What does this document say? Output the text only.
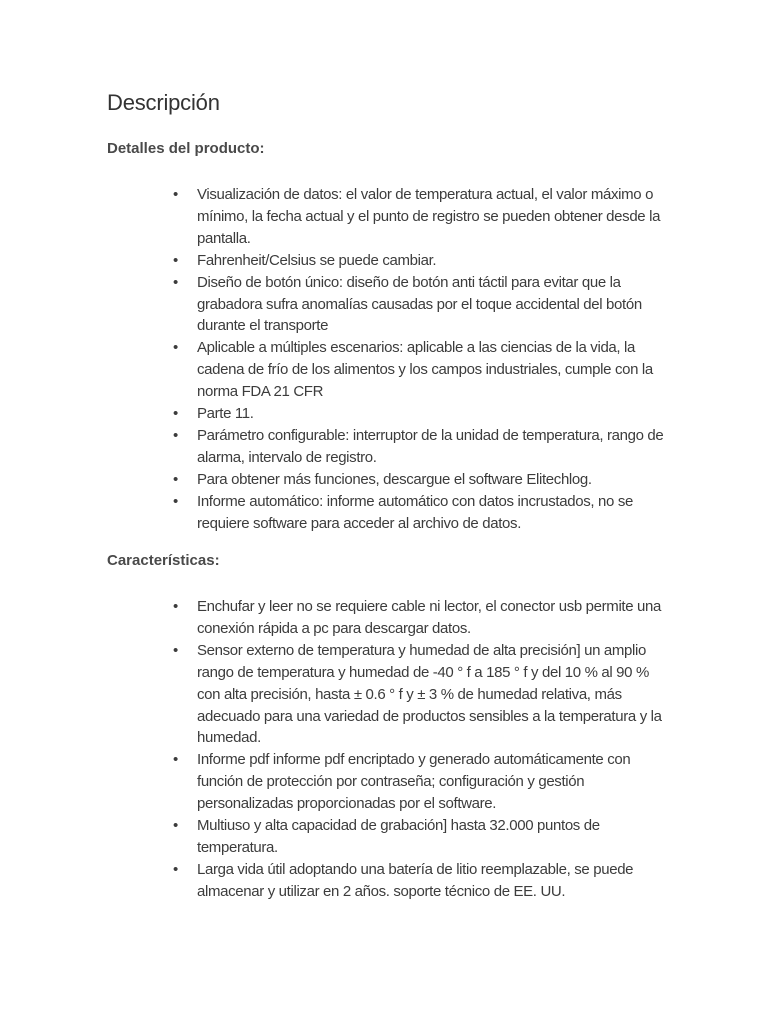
Descripción
Detalles del producto:
• Visualización de datos: el valor de temperatura actual, el valor máximo o mínimo, la fecha actual y el punto de registro se pueden obtener desde la pantalla.
• Fahrenheit/Celsius se puede cambiar.
• Diseño de botón único: diseño de botón anti táctil para evitar que la grabadora sufra anomalías causadas por el toque accidental del botón durante el transporte
• Aplicable a múltiples escenarios: aplicable a las ciencias de la vida, la cadena de frío de los alimentos y los campos industriales, cumple con la norma FDA 21 CFR
• Parte 11.
• Parámetro configurable: interruptor de la unidad de temperatura, rango de alarma, intervalo de registro.
• Para obtener más funciones, descargue el software Elitechlog.
• Informe automático: informe automático con datos incrustados, no se requiere software para acceder al archivo de datos.
Características:
• Enchufar y leer no se requiere cable ni lector, el conector usb permite una conexión rápida a pc para descargar datos.
• Sensor externo de temperatura y humedad de alta precisión] un amplio rango de temperatura y humedad de -40 ° f a 185 ° f y del 10 % al 90 % con alta precisión, hasta ± 0.6 ° f y ± 3 % de humedad relativa, más adecuado para una variedad de productos sensibles a la temperatura y la humedad.
• Informe pdf informe pdf encriptado y generado automáticamente con función de protección por contraseña; configuración y gestión personalizadas proporcionadas por el software.
• Multiuso y alta capacidad de grabación] hasta 32.000 puntos de temperatura.
• Larga vida útil adoptando una batería de litio reemplazable, se puede almacenar y utilizar en 2 años. soporte técnico de EE. UU.
